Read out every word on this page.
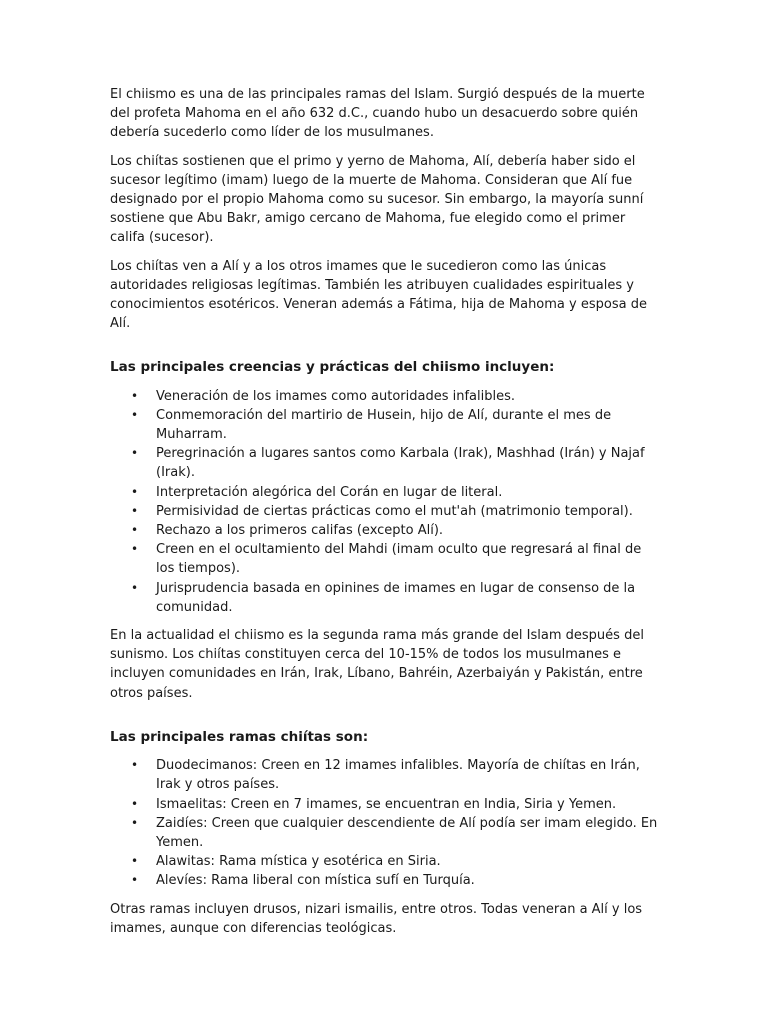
El chiismo es una de las principales ramas del Islam. Surgió después de la muerte del profeta Mahoma en el año 632 d.C., cuando hubo un desacuerdo sobre quién debería sucederlo como líder de los musulmanes.

Los chiítas sostienen que el primo y yerno de Mahoma, Alí, debería haber sido el sucesor legítimo (imam) luego de la muerte de Mahoma. Consideran que Alí fue designado por el propio Mahoma como su sucesor. Sin embargo, la mayoría sunní sostiene que Abu Bakr, amigo cercano de Mahoma, fue elegido como el primer califa (sucesor).

Los chiítas ven a Alí y a los otros imames que le sucedieron como las únicas autoridades religiosas legítimas. También les atribuyen cualidades espirituales y conocimientos esotéricos. Veneran además a Fátima, hija de Mahoma y esposa de Alí.

Las principales creencias y prácticas del chiismo incluyen:
• Veneración de los imames como autoridades infalibles.
• Conmemoración del martirio de Husein, hijo de Alí, durante el mes de Muharram.
• Peregrinación a lugares santos como Karbala (Irak), Mashhad (Irán) y Najaf (Irak).
• Interpretación alegórica del Corán en lugar de literal.
• Permisividad de ciertas prácticas como el mut'ah (matrimonio temporal).
• Rechazo a los primeros califas (excepto Alí).
• Creen en el ocultamiento del Mahdi (imam oculto que regresará al final de los tiempos).
• Jurisprudencia basada en opinines de imames en lugar de consenso de la comunidad.

En la actualidad el chiismo es la segunda rama más grande del Islam después del sunismo. Los chiítas constituyen cerca del 10-15% de todos los musulmanes e incluyen comunidades en Irán, Irak, Líbano, Bahréin, Azerbaiyán y Pakistán, entre otros países.

Las principales ramas chiítas son:
• Duodecimanos: Creen en 12 imames infalibles. Mayoría de chiítas en Irán, Irak y otros países.
• Ismaelitas: Creen en 7 imames, se encuentran en India, Siria y Yemen.
• Zaidíes: Creen que cualquier descendiente de Alí podía ser imam elegido. En Yemen.
• Alawitas: Rama mística y esotérica en Siria.
• Alevíes: Rama liberal con mística sufí en Turquía.

Otras ramas incluyen drusos, nizari ismailis, entre otros. Todas veneran a Alí y los imames, aunque con diferencias teológicas.
